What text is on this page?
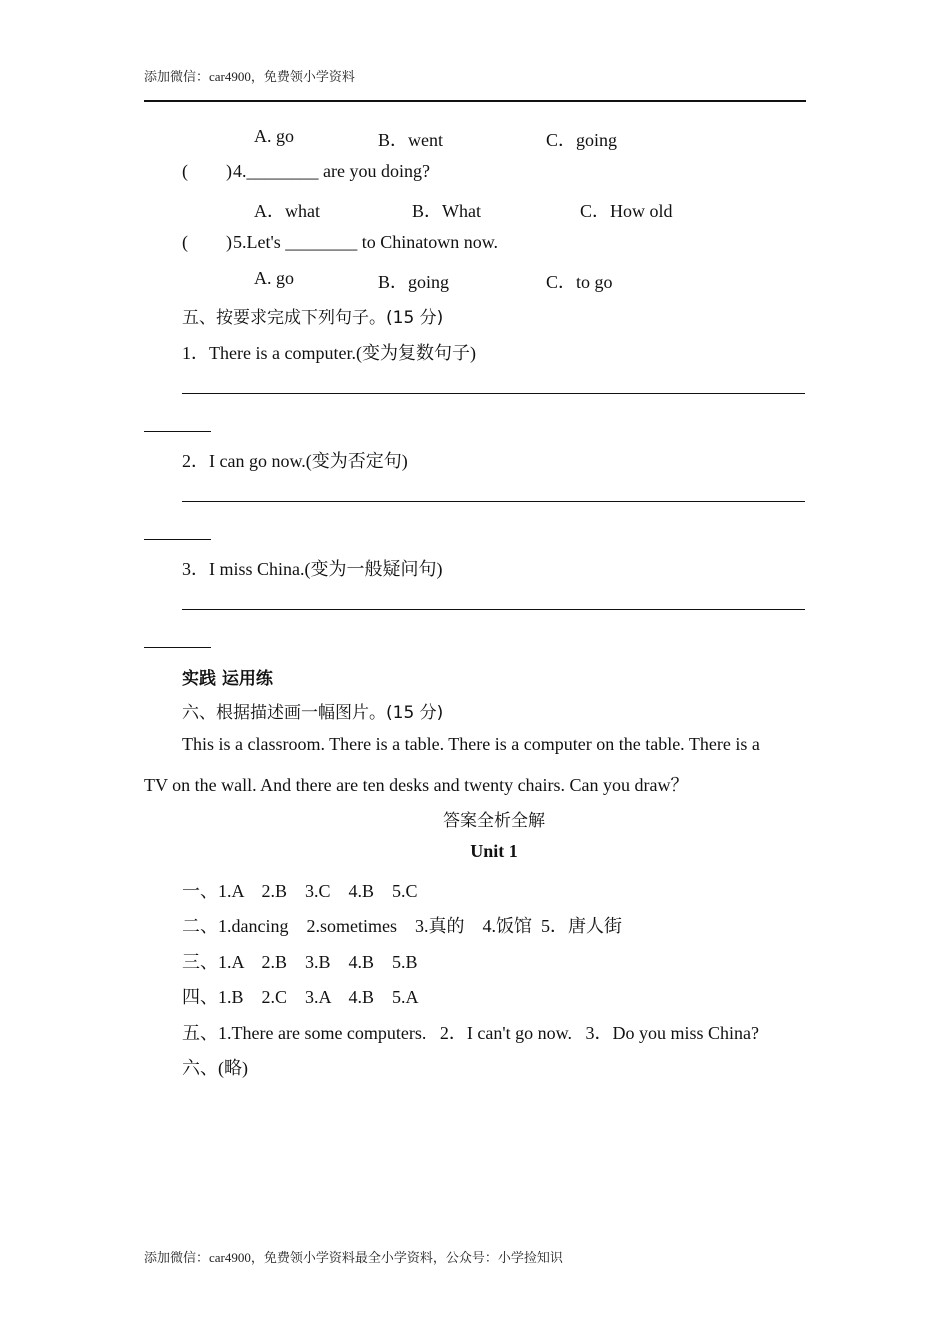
添加微信：car4900，免费领小学资料
A. go	B．went	C．going
( ) 4.________ are you doing?
A．what	B．What	C．How old
( ) 5.Let's ________ to Chinatown now.
A. go	B．going	C．to go
五、按要求完成下列句子。(15 分)
1．There is a computer.(变为复数句子)
2．I can go now.(变为否定句)
3．I miss China.(变为一般疑问句)
实践 运用练
六、根据描述画一幅图片。(15 分)
This is a classroom. There is a table. There is a computer on the table. There is a
TV on the wall. And there are ten desks and twenty chairs. Can you draw？
答案全析全解
Unit 1
一、1.A    2.B    3.C    4.B    5.C
二、1.dancing    2.sometimes    3.真的    4.饭馆  5．唐人街
三、1.A    2.B    3.B    4.B    5.B
四、1.B    2.C    3.A    4.B    5.A
五、1.There are some computers.   2．I can't go now.   3．Do you miss China?
六、(略)
添加微信：car4900，免费领小学资料最全小学资料，公众号：小学捡知识
